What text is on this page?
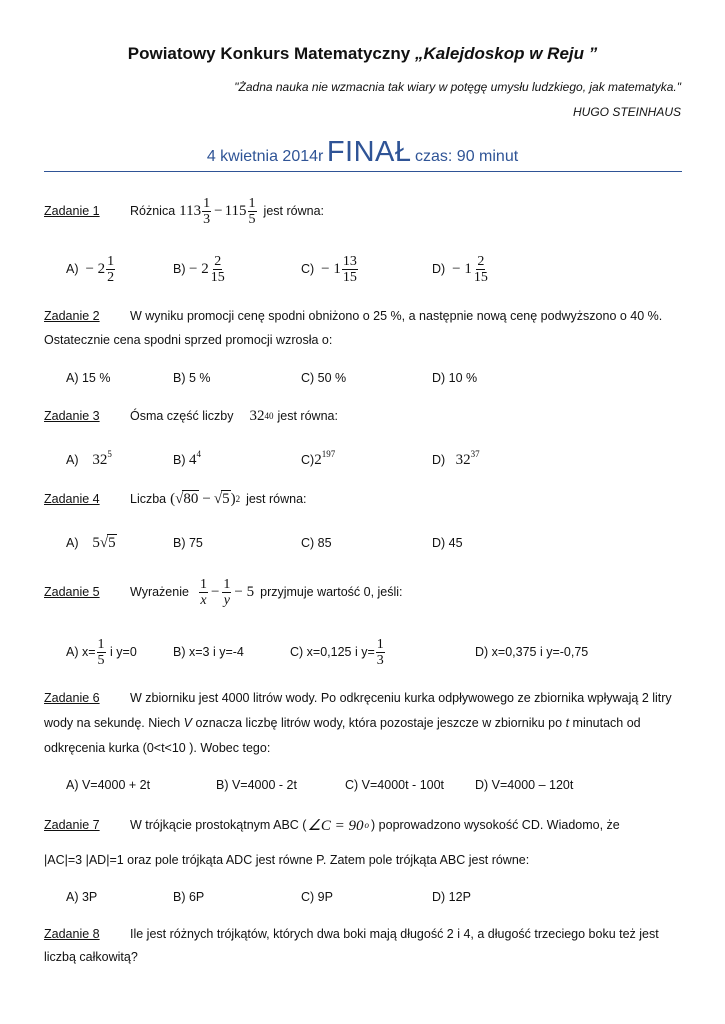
Powiatowy Konkurs Matematyczny „Kalejdoskop w Reju ”
"Żadna nauka nie wzmacnia tak wiary w potęgę umysłu ludzkiego, jak matematyka."
HUGO STEINHAUS
4 kwietnia 2014r FINAŁ czas: 90 minut
Zadanie 1	Różnica $113 \frac{1}{3} - 115 \frac{1}{5}$ jest równa:
A)
− $2 \frac{1}{2}$	B)
− $2 \frac{2}{15}$	C)
− $1 \frac{13}{15}$	D)
− $1 \frac{2}{15}$
Zadanie 2 W wyniku promocji cenę spodni obniżono o 25 %, a następnie nową cenę podwyższono o 40 %.
Ostatecznie cena spodni sprzed promocji wzrosła o:
A) 15 %	B) 5 %	C) 50 %	D) 10 %
Zadanie 3	Ósma część liczby 32 40 jest równa:
A) $32^5$	B) $4^4$	$C)2^{197}$	D) $32^{37}$
Zadanie 4	Liczba ( √ 80 − √ 5 ) 2 jest równa:
A) 5√5	B) 75	C) 85	D) 45
Zadanie 5	Wyrażenie $\frac{1}{x} - \frac{1}{y} - 5$ przyjmuje wartość 0, jeśli:
A) $x= \frac{1}{5}$
i y=0	B) x=3 i y=-4	C) x=0,125 i $y= \frac{1}{3}$	D) x=0,375 i y=-0,75
Zadanie 6 W zbiorniku jest 4000 litrów wody. Po odkręceniu kurka odpływowego ze zbiornika wpływają 2 litry
wody na sekundę. Niech V oznacza liczbę litrów wody, która pozostaje jeszcze w zbiorniku po t minutach od
odkręcenia kurka (0<t<10 ). Wobec tego:
A) V=4000 + 2t	B) V=4000 - 2t	C) V=4000t - 100t D) V=4000 – 120t
Zadanie 7	W trójkącie prostokątnym ABC ( ∠C = 90 o ) poprowadzono wysokość CD. Wiadomo, że
|AC|=3 |AD|=1 oraz pole trójkąta ADC jest równe P. Zatem pole trójkąta ABC jest równe:
A) 3P	B) 6P	C) 9P	D) 12P
Zadanie 8 Ile jest różnych trójkątów, których dwa boki mają długość 2 i 4, a długość trzeciego boku też jest
liczbą całkowitą?
